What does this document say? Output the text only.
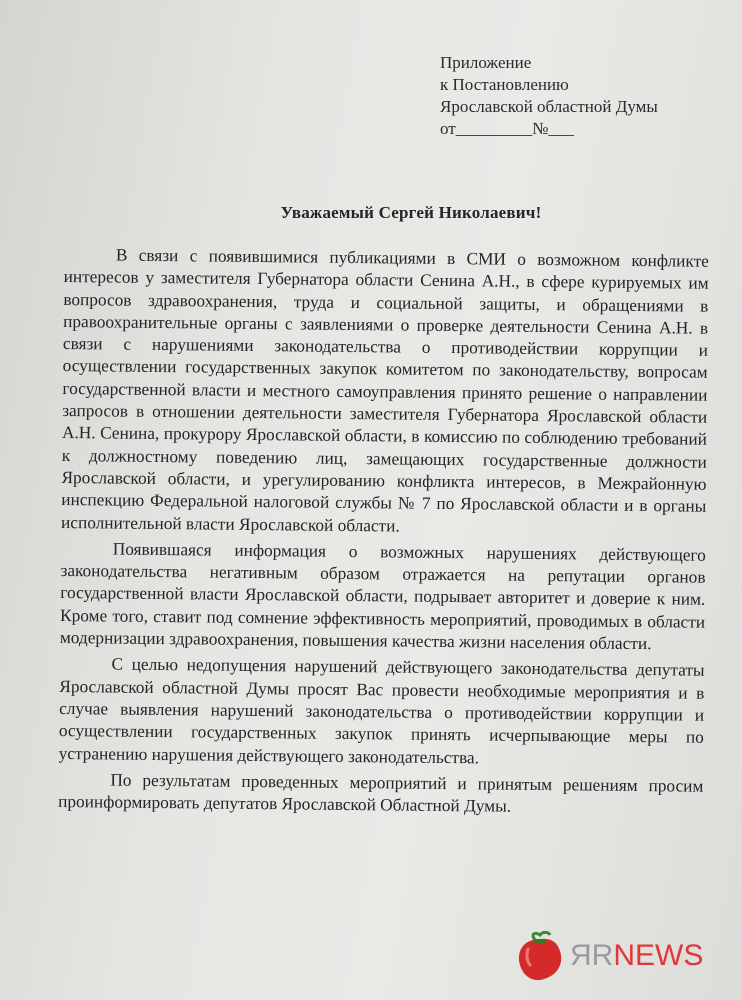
Приложение
к Постановлению
Ярославской областной Думы
от_________№___
Уважаемый Сергей Николаевич!

В связи с появившимися публикациями в СМИ о возможном конфликте интересов у заместителя Губернатора области Сенина А.Н., в сфере курируемых им вопросов здравоохранения, труда и социальной защиты, и обращениями в правоохранительные органы с заявлениями о проверке деятельности Сенина А.Н. в связи с нарушениями законодательства о противодействии коррупции и осуществлении государственных закупок комитетом по законодательству, вопросам государственной власти и местного самоуправления принято решение о направлении запросов в отношении деятельности заместителя Губернатора Ярославской области А.Н. Сенина, прокурору Ярославской области, в комиссию по соблюдению требований к должностному поведению лиц, замещающих государственные должности Ярославской области, и урегулированию конфликта интересов, в Межрайонную инспекцию Федеральной налоговой службы № 7 по Ярославской области и в органы исполнительной власти Ярославской области.

Появившаяся информация о возможных нарушениях действующего законодательства негативным образом отражается на репутации органов государственной власти Ярославской области, подрывает авторитет и доверие к ним. Кроме того, ставит под сомнение эффективность мероприятий, проводимых в области модернизации здравоохранения, повышения качества жизни населения области.

С целью недопущения нарушений действующего законодательства депутаты Ярославской областной Думы просят Вас провести необходимые мероприятия и в случае выявления нарушений законодательства о противодействии коррупции и осуществлении государственных закупок принять исчерпывающие меры по устранению нарушения действующего законодательства.

По результатам проведенных мероприятий и принятым решениям просим проинформировать депутатов Ярославской Областной Думы.

ЯRNEWS
